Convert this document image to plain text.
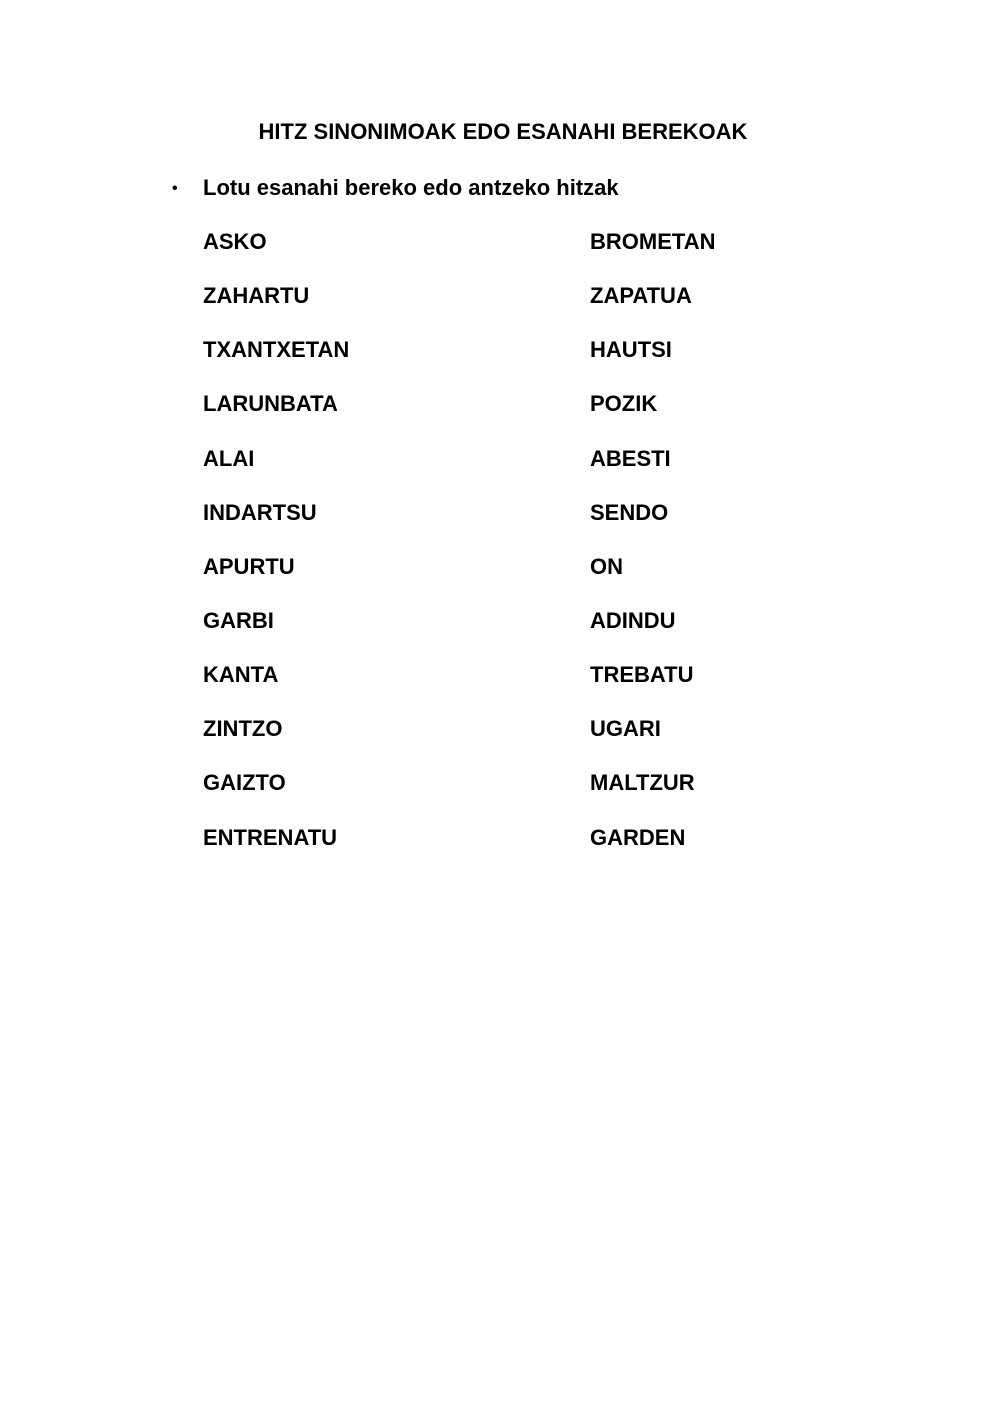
HITZ SINONIMOAK EDO ESANAHI BEREKOAK
• Lotu esanahi bereko edo antzeko hitzak
ASKO
ZAHARTU
TXANTXETAN
LARUNBATA
ALAI
INDARTSU
APURTU
GARBI
KANTA
ZINTZO
GAIZTO
ENTRENATU
BROMETAN
ZAPATUA
HAUTSI
POZIK
ABESTI
SENDO
ON
ADINDU
TREBATU
UGARI
MALTZUR
GARDEN
